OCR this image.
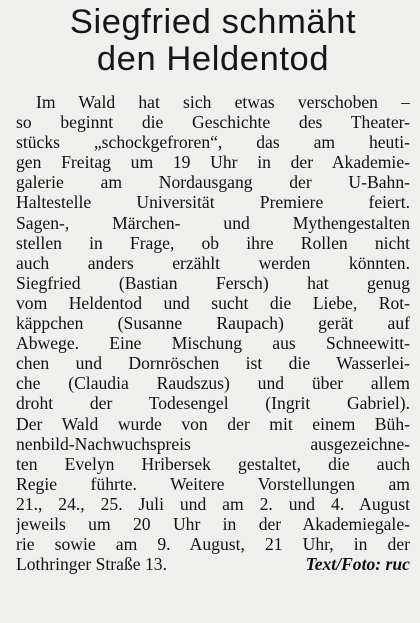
Siegfried schmäht
den Heldentod
Im Wald hat sich etwas verschoben –
so beginnt die Geschichte des Theater-
stücks „schockgefroren“, das am heuti-
gen Freitag um 19 Uhr in der Akademie-
galerie am Nordausgang der U-Bahn-
Haltestelle Universität Premiere feiert.
Sagen-, Märchen- und Mythengestalten
stellen in Frage, ob ihre Rollen nicht
auch anders erzählt werden könnten.
Siegfried (Bastian Fersch) hat genug
vom Heldentod und sucht die Liebe, Rot-
käppchen (Susanne Raupach) gerät auf
Abwege. Eine Mischung aus Schneewitt-
chen und Dornröschen ist die Wasserlei-
che (Claudia Raudszus) und über allem
droht der Todesengel (Ingrit Gabriel).
Der Wald wurde von der mit einem Büh-
nenbild-Nachwuchspreis ausgezeichne-
ten Evelyn Hribersek gestaltet, die auch
Regie führte. Weitere Vorstellungen am
21., 24., 25. Juli und am 2. und 4. August
jeweils um 20 Uhr in der Akademiegale-
rie sowie am 9. August, 21 Uhr, in der
Lothringer Straße 13.	Text/Foto: ruc
